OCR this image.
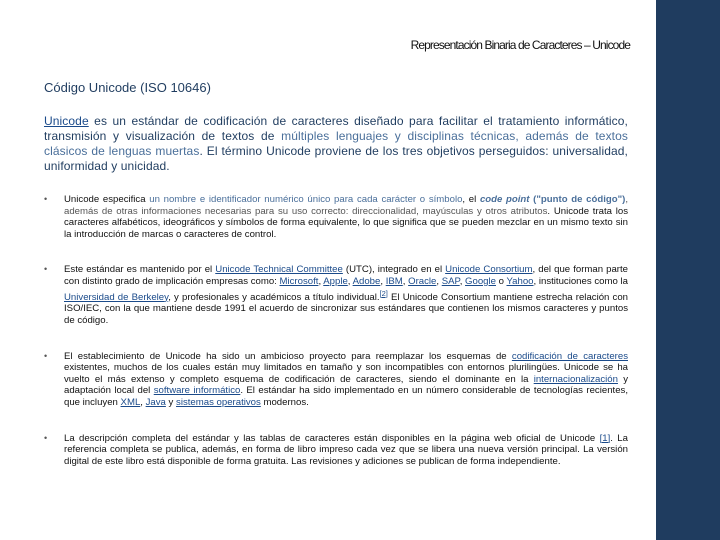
Representación Binaria de Caracteres – Unicode
Código Unicode (ISO 10646)
Unicode es un estándar de codificación de caracteres diseñado para facilitar el tratamiento informático, transmisión y visualización de textos de múltiples lenguajes y disciplinas técnicas, además de textos clásicos de lenguas muertas. El término Unicode proviene de los tres objetivos perseguidos: universalidad, uniformidad y unicidad.
• Unicode especifica un nombre e identificador numérico único para cada carácter o símbolo, el code point ("punto de código"), además de otras informaciones necesarias para su uso correcto: direccionalidad, mayúsculas y otros atributos. Unicode trata los caracteres alfabéticos, ideográficos y símbolos de forma equivalente, lo que significa que se pueden mezclar en un mismo texto sin la introducción de marcas o caracteres de control.
• Este estándar es mantenido por el Unicode Technical Committee (UTC), integrado en el Unicode Consortium, del que forman parte con distinto grado de implicación empresas como: Microsoft, Apple, Adobe, IBM, Oracle, SAP, Google o Yahoo, instituciones como la Universidad de Berkeley, y profesionales y académicos a título individual.[2] El Unicode Consortium mantiene estrecha relación con ISO/IEC, con la que mantiene desde 1991 el acuerdo de sincronizar sus estándares que contienen los mismos caracteres y puntos de código.
• El establecimiento de Unicode ha sido un ambicioso proyecto para reemplazar los esquemas de codificación de caracteres existentes, muchos de los cuales están muy limitados en tamaño y son incompatibles con entornos plurilingües. Unicode se ha vuelto el más extenso y completo esquema de codificación de caracteres, siendo el dominante en la internacionalización y adaptación local del software informático. El estándar ha sido implementado en un número considerable de tecnologías recientes, que incluyen XML, Java y sistemas operativos modernos.
• La descripción completa del estándar y las tablas de caracteres están disponibles en la página web oficial de Unicode [1]. La referencia completa se publica, además, en forma de libro impreso cada vez que se libera una nueva versión principal. La versión digital de este libro está disponible de forma gratuita. Las revisiones y adiciones se publican de forma independiente.
